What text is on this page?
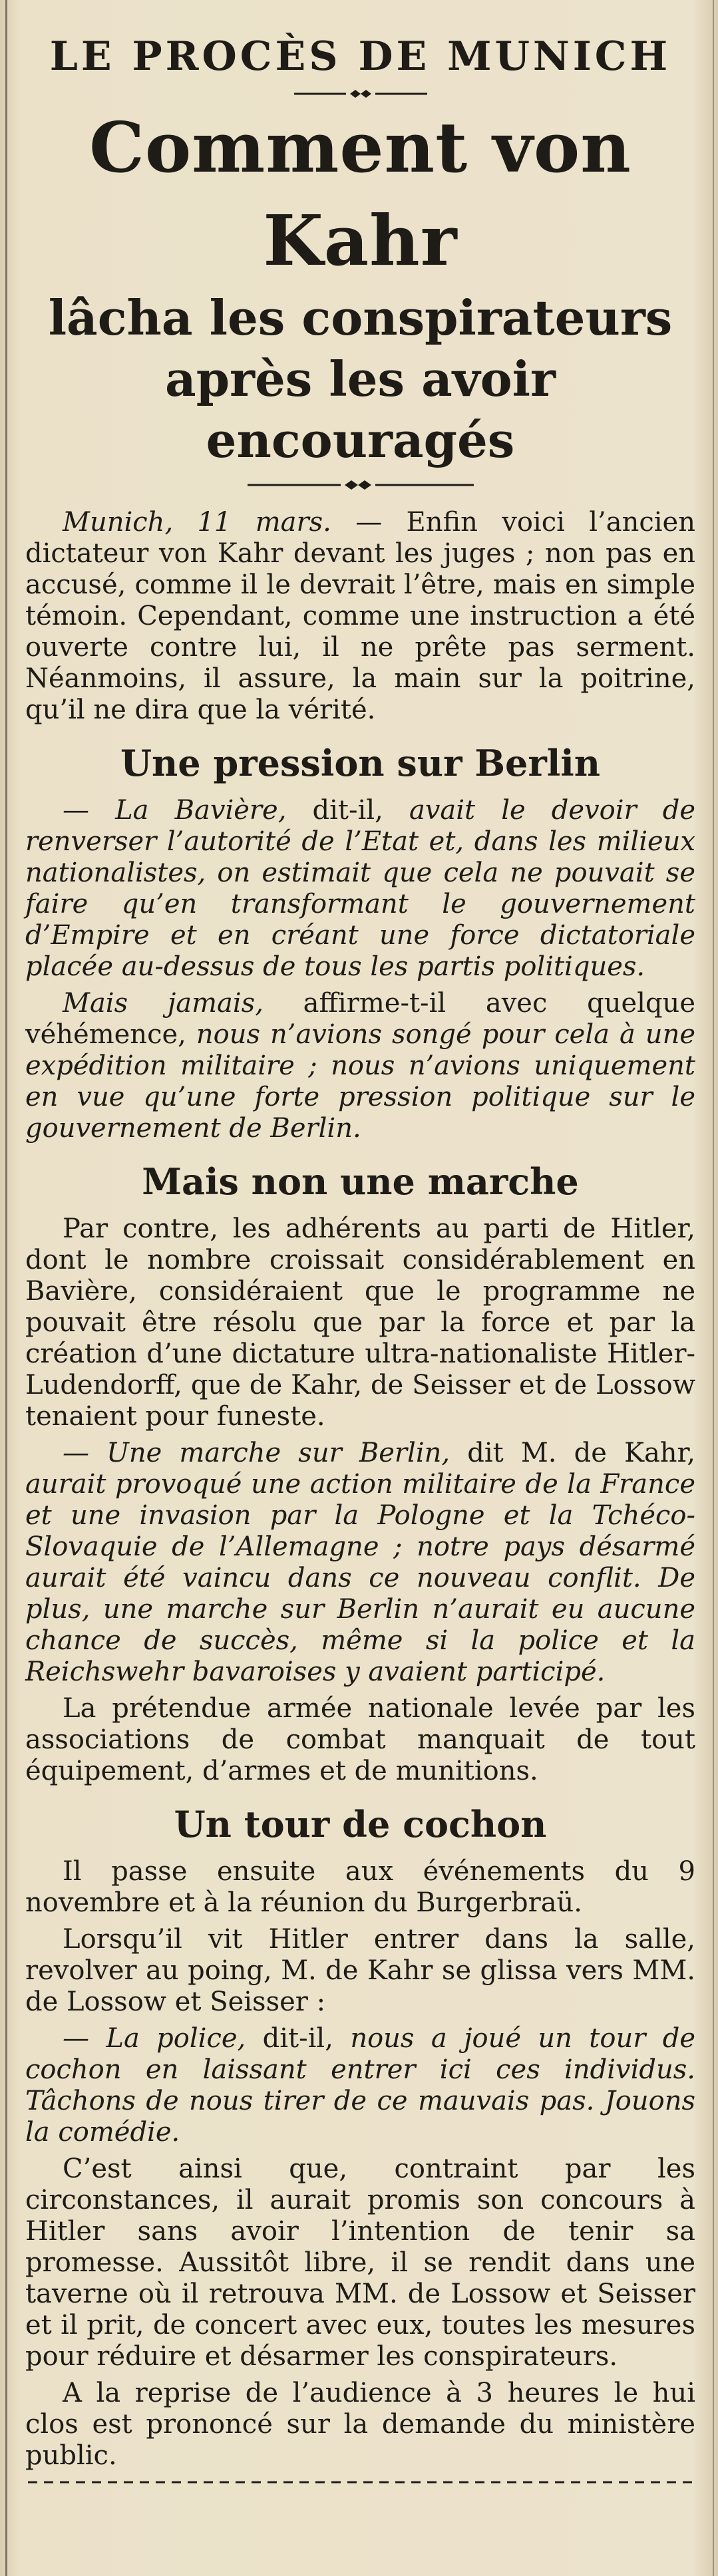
LE PROCÈS DE MUNICH
Comment von Kahr
lâcha les conspirateurs
après les avoir encouragés

Munich, 11 mars. — Enfin voici l’ancien dictateur von Kahr devant les juges ; non pas en accusé, comme il le devrait l’être, mais en simple témoin. Cependant, comme une instruction a été ouverte contre lui, il ne prête pas serment. Néanmoins, il assure, la main sur la poitrine, qu’il ne dira que la vérité.

Une pression sur Berlin

— La Bavière, dit-il, avait le devoir de renverser l’autorité de l’Etat et, dans les milieux nationalistes, on estimait que cela ne pouvait se faire qu’en transformant le gouvernement d’Empire et en créant une force dictatoriale placée au-dessus de tous les partis politiques.

Mais jamais, affirme-t-il avec quelque véhémence, nous n’avions songé pour cela à une expédition militaire ; nous n’avions uniquement en vue qu’une forte pression politique sur le gouvernement de Berlin.

Mais non une marche

Par contre, les adhérents au parti de Hitler, dont le nombre croissait considérablement en Bavière, considéraient que le programme ne pouvait être résolu que par la force et par la création d’une dictature ultra-nationaliste Hitler-Ludendorff, que de Kahr, de Seisser et de Lossow tenaient pour funeste.

— Une marche sur Berlin, dit M. de Kahr, aurait provoqué une action militaire de la France et une invasion par la Pologne et la Tchéco-Slovaquie de l’Allemagne ; notre pays désarmé aurait été vaincu dans ce nouveau conflit. De plus, une marche sur Berlin n’aurait eu aucune chance de succès, même si la police et la Reichswehr bavaroises y avaient participé.

La prétendue armée nationale levée par les associations de combat manquait de tout équipement, d’armes et de munitions.

Un tour de cochon

Il passe ensuite aux événements du 9 novembre et à la réunion du Burgerbraü.

Lorsqu’il vit Hitler entrer dans la salle, revolver au poing, M. de Kahr se glissa vers MM. de Lossow et Seisser :

— La police, dit-il, nous a joué un tour de cochon en laissant entrer ici ces individus. Tâchons de nous tirer de ce mauvais pas. Jouons la comédie.

C’est ainsi que, contraint par les circonstances, il aurait promis son concours à Hitler sans avoir l’intention de tenir sa promesse. Aussitôt libre, il se rendit dans une taverne où il retrouva MM. de Lossow et Seisser et il prit, de concert avec eux, toutes les mesures pour réduire et désarmer les conspirateurs.

A la reprise de l’audience à 3 heures le hui clos est prononcé sur la demande du ministère public.
